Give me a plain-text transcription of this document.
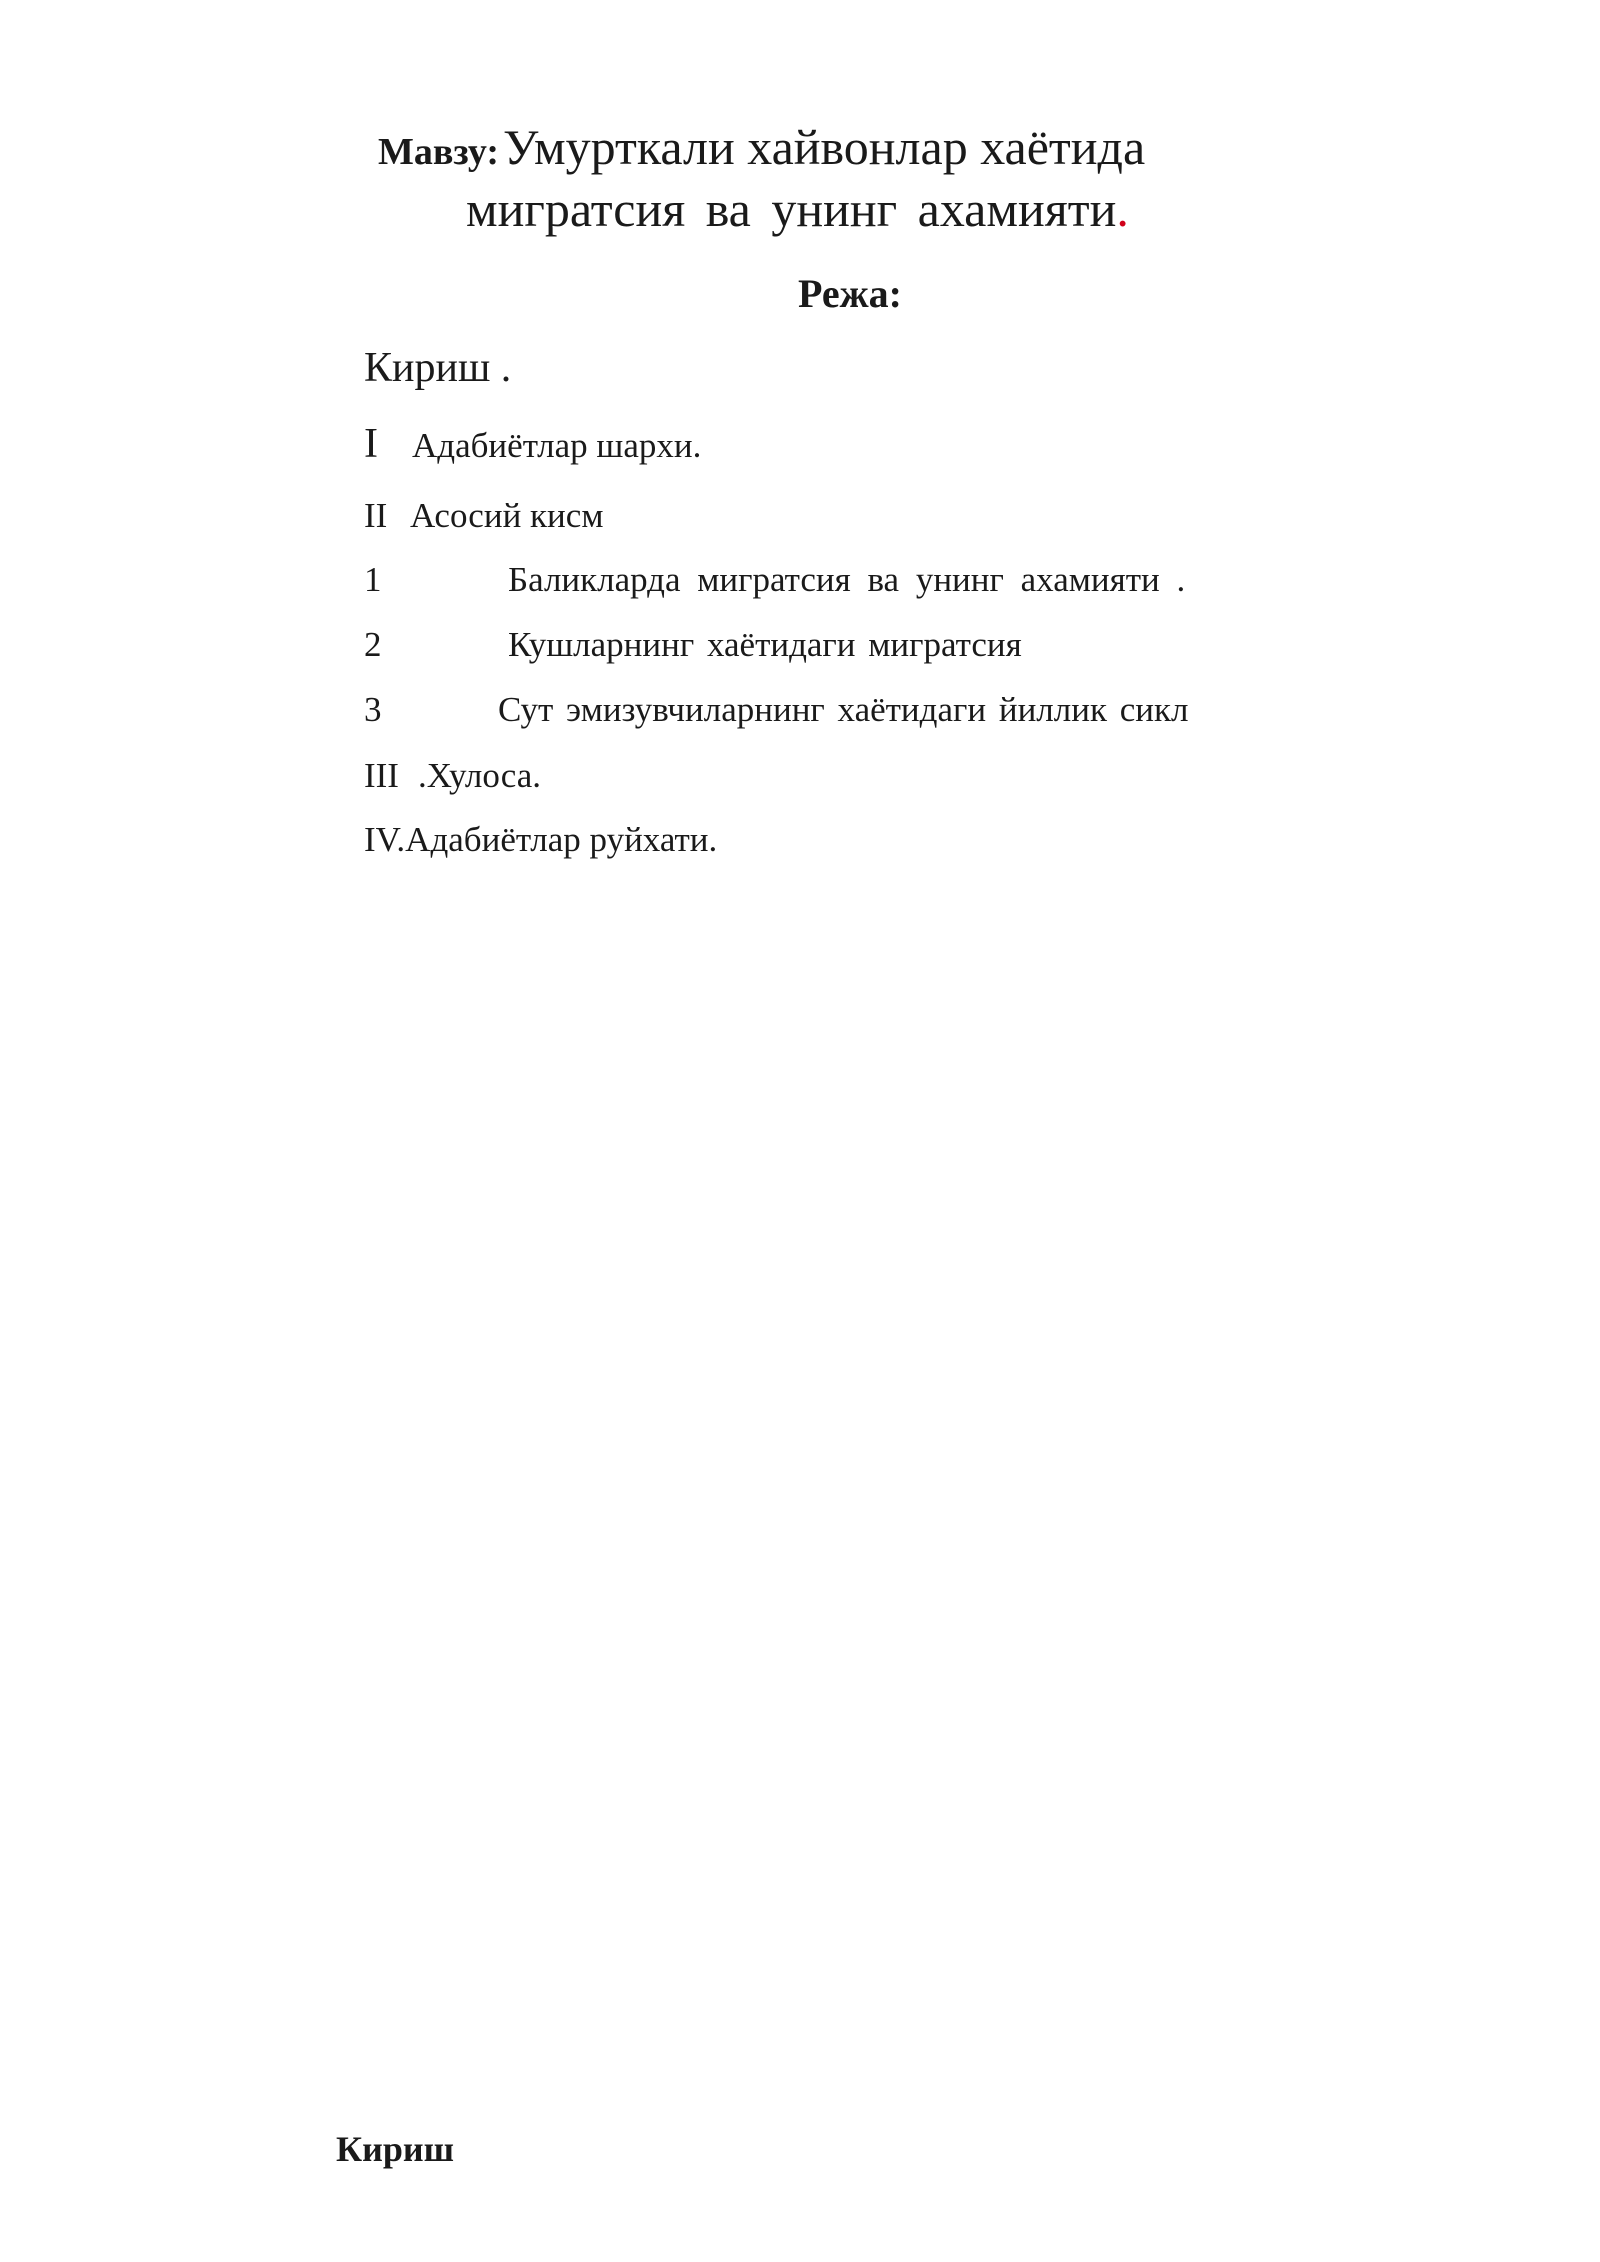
Мавзу: Умурткали хайвонлар хаётида
мигратсия ва унинг ахамияти.
Режа:
Кириш .
I Адабиётлар шархи.
II Асосий кисм
1	Баликларда мигратсия ва унинг ахамияти .
2	Кушларнинг хаётидаги мигратсия
3	Сут эмизувчиларнинг хаётидаги йиллик сикл
III .Хулоса.
IV.Адабиётлар руйхати.
Кириш
